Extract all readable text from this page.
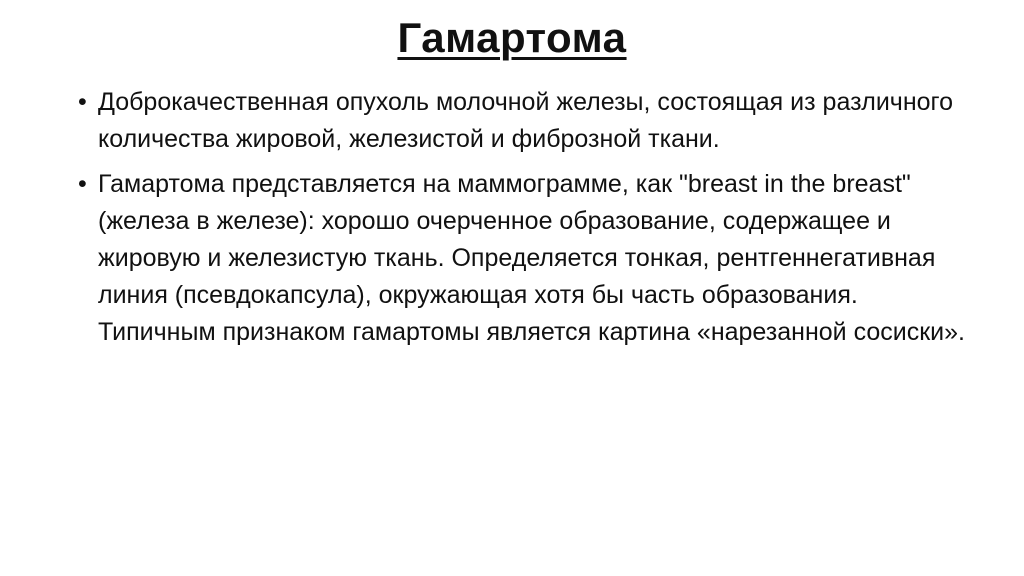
Гамартома
• Доброкачественная опухоль молочной железы, состоящая из различного количества жировой, железистой и фиброзной ткани.
• Гамартома представляется на маммограмме, как "breast in the breast" (железа в железе): хорошо очерченное образование, содержащее и жировую и железистую ткань. Определяется тонкая, рентгеннегативная линия (псевдокапсула), окружающая хотя бы часть образования. Типичным признаком гамартомы является картина «нарезанной сосиски».
